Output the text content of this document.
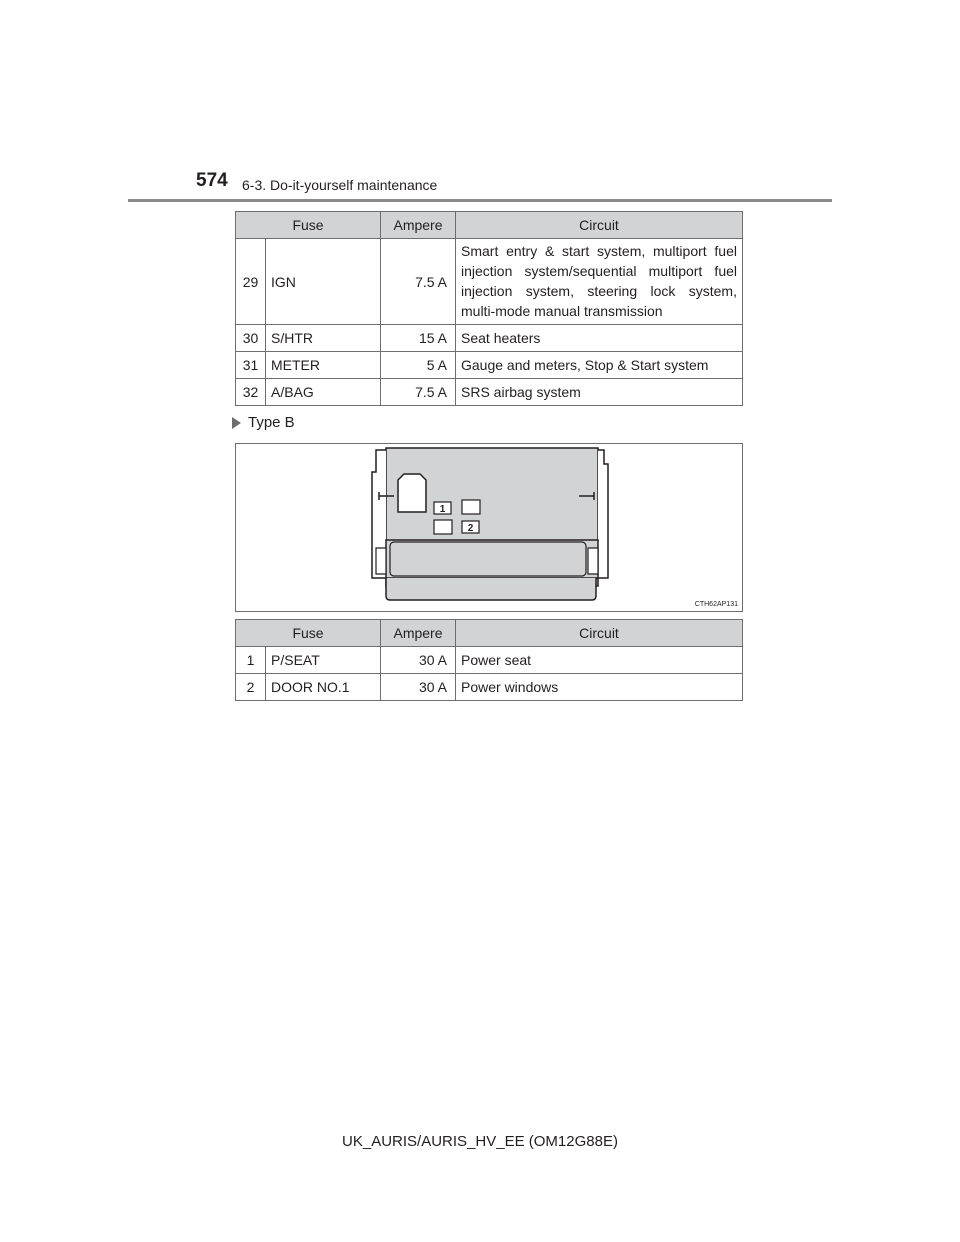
574 6-3. Do-it-yourself maintenance
Fuse		Ampere	Circuit
29	IGN	7.5 A	Smart entry & start system, multiport fuel injection system/sequential multiport fuel injection system, steering lock system, multi-mode manual transmission
30	S/HTR	15 A	Seat heaters
31	METER	5 A	Gauge and meters, Stop & Start system
32	A/BAG	7.5 A	SRS airbag system
Type B
1
2
CTH62AP131
Fuse		Ampere	Circuit
1	P/SEAT	30 A	Power seat
2	DOOR NO.1	30 A	Power windows
UK_AURIS/AURIS_HV_EE (OM12G88E)
